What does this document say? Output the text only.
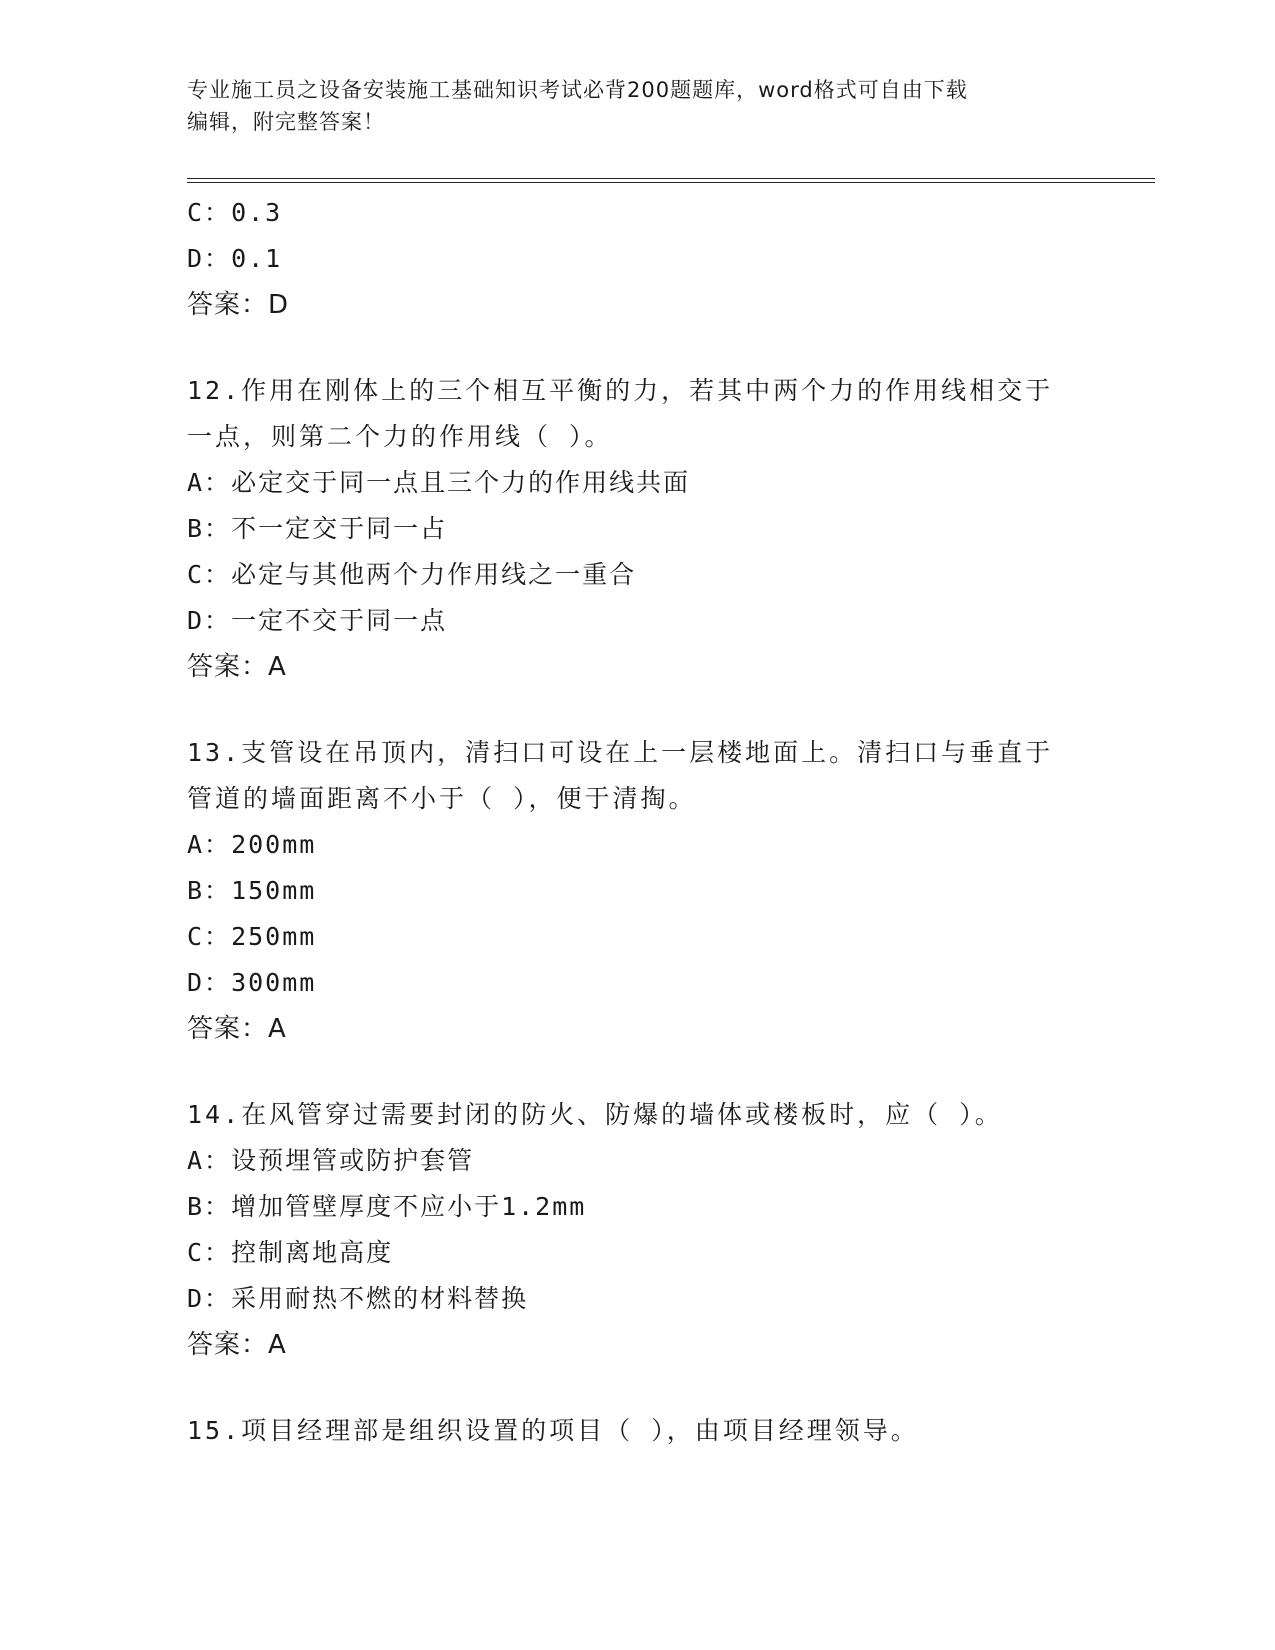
专业施工员之设备安装施工基础知识考试必背200题题库，word格式可自由下载
编辑，附完整答案！
C：0.3
D：0.1
答案：D
12.作用在刚体上的三个相互平衡的力，若其中两个力的作用线相交于
一点，则第二个力的作用线（ ）。
A：必定交于同一点且三个力的作用线共面
B：不一定交于同一占
C：必定与其他两个力作用线之一重合
D：一定不交于同一点
答案：A
13.支管设在吊顶内，清扫口可设在上一层楼地面上。清扫口与垂直于
管道的墙面距离不小于（ ），便于清掏。
A：200mm
B：150mm
C：250mm
D：300mm
答案：A
14.在风管穿过需要封闭的防火、防爆的墙体或楼板时，应（ ）。
A：设预埋管或防护套管
B：增加管壁厚度不应小于1.2mm
C：控制离地高度
D：采用耐热不燃的材料替换
答案：A
15.项目经理部是组织设置的项目（ ），由项目经理领导。
